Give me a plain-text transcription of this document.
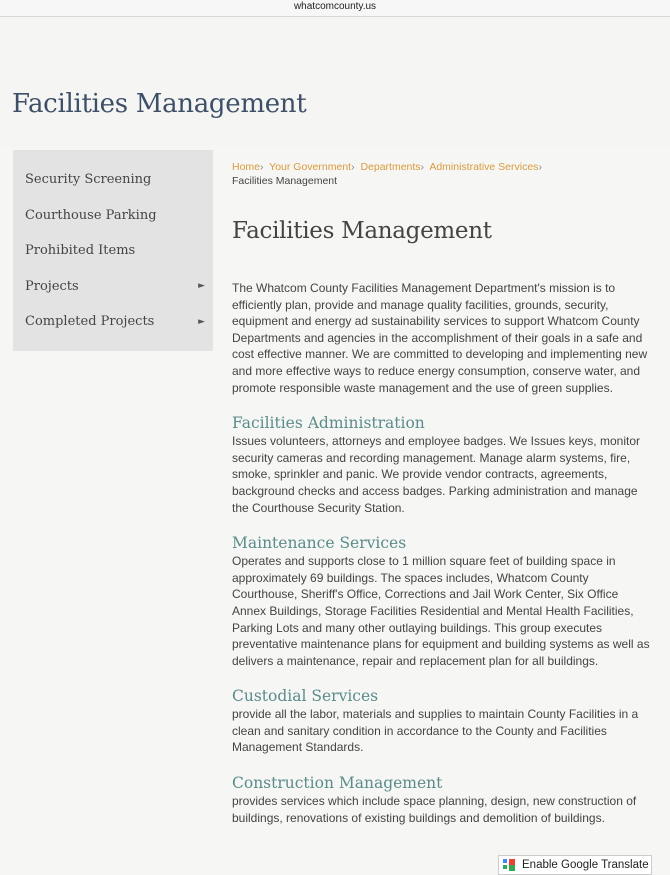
whatcomcounty.us
Facilities Management
Security Screening
Courthouse Parking
Prohibited Items
Projects	►
Completed Projects	►
Home› Your Government› Departments› Administrative Services›
Facilities Management
Facilities Management

The Whatcom County Facilities Management Department's mission is to efficiently plan, provide and manage quality facilities, grounds, security, equipment and energy ad sustainability services to support Whatcom County Departments and agencies in the accomplishment of their goals in a safe and cost effective manner. We are committed to developing and implementing new and more effective ways to reduce energy consumption, conserve water, and promote responsible waste management and the use of green supplies.

Facilities Administration

Issues volunteers, attorneys and employee badges. We Issues keys, monitor security cameras and recording management. Manage alarm systems, fire, smoke, sprinkler and panic. We provide vendor contracts, agreements, background checks and access badges. Parking administration and manage the Courthouse Security Station.

Maintenance Services

Operates and supports close to 1 million square feet of building space in approximately 69 buildings. The spaces includes, Whatcom County Courthouse, Sheriff's Office, Corrections and Jail Work Center, Six Office Annex Buildings, Storage Facilities Residential and Mental Health Facilities, Parking Lots and many other outlaying buildings. This group executes preventative maintenance plans for equipment and building systems as well as delivers a maintenance, repair and replacement plan for all buildings.

Custodial Services

provide all the labor, materials and supplies to maintain County Facilities in a clean and sanitary condition in accordance to the County and Facilities Management Standards.

Construction Management

provides services which include space planning, design, new construction of buildings, renovations of existing buildings and demolition of buildings.

Enable Google Translate
